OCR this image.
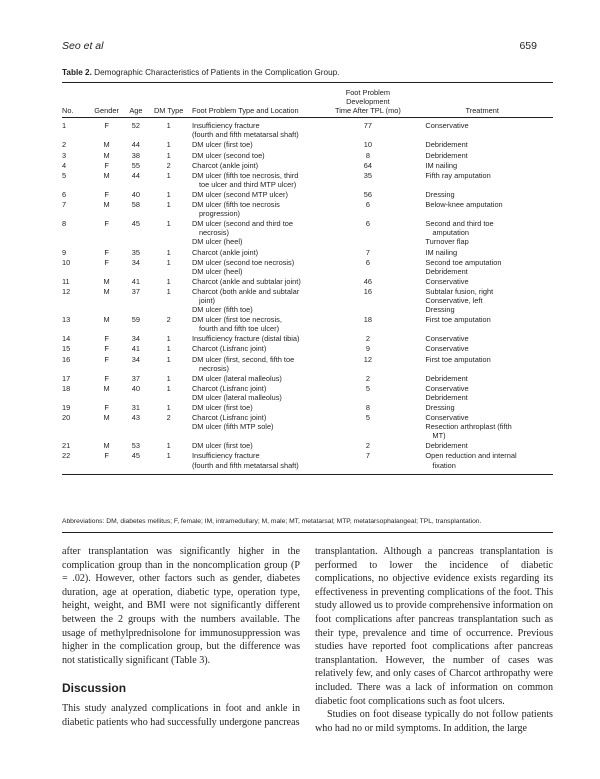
Seo et al	659
Table 2. Demographic Characteristics of Patients in the Complication Group.
No.	Gender	Age	DM Type	Foot Problem Type and Location	Foot Problem Development
Time After TPL (mo)	Treatment
1	F	52	1	Insufficiency fracture
(fourth and fifth metatarsal shaft)	77	Conservative

2	M	44	1	DM ulcer (first toe)	10	Debridement

3	M	38	1	DM ulcer (second toe)	8	Debridement

4	F	55	2	Charcot (ankle joint)	64	IM nailing

5	M	44	1	DM ulcer (fifth toe necrosis, third
toe ulcer and third MTP ulcer)	35	Fifth ray amputation

6	F	40	1	DM ulcer (second MTP ulcer)	56	Dressing

7	M	58	1	DM ulcer (fifth toe necrosis
progression)	6	Below-knee amputation

8	F	45	1	DM ulcer (second and third toe
necrosis)
DM ulcer (heel)	6	Second and third toe
amputation
Turnover flap

9	F	35	1	Charcot (ankle joint)	7	IM nailing

10	F	34	1	DM ulcer (second toe necrosis)
DM ulcer (heel)	6	Second toe amputation
Debridement

11	M	41	1	Charcot (ankle and subtalar joint)	46	Conservative

12	M	37	1	Charcot (both ankle and subtalar
joint)
DM ulcer (fifth toe)	16	Subtalar fusion, right
Conservative, left
Dressing

13	M	59	2	DM ulcer (first toe necrosis,
fourth and fifth toe ulcer)	18	First toe amputation

14	F	34	1	Insufficiency fracture (distal tibia)	2	Conservative

15	F	41	1	Charcot (Lisfranc joint)	9	Conservative

16	F	34	1	DM ulcer (first, second, fifth toe
necrosis)	12	First toe amputation

17	F	37	1	DM ulcer (lateral malleolus)	2	Debridement

18	M	40	1	Charcot (Lisfranc joint)
DM ulcer (lateral malleolus)	5	Conservative
Debridement

19	F	31	1	DM ulcer (first toe)	8	Dressing

20	M	43	2	Charcot (Lisfranc joint)
DM ulcer (fifth MTP sole)	5	Conservative
Resection arthroplast (fifth
MT)

21	M	53	1	DM ulcer (first toe)	2	Debridement

22	F	45	1	Insufficiency fracture
(fourth and fifth metatarsal shaft)	7	Open reduction and internal
fixation
Abbreviations: DM, diabetes mellitus; F, female; IM, intramedullary; M, male; MT, metatarsal; MTP, metatarsophalangeal; TPL, transplantation.

after transplantation was significantly higher in the complication group than in the noncomplication group (P = .02). However, other factors such as gender, diabetes duration, age at operation, diabetic type, operation type, height, weight, and BMI were not significantly different between the 2 groups with the numbers available. The usage of methylprednisolone for immunosuppression was higher in the complication group, but the difference was not statistically significant (Table 3).

Discussion

This study analyzed complications in foot and ankle in diabetic patients who had successfully undergone pancreas

transplantation. Although a pancreas transplantation is performed to lower the incidence of diabetic complications, no objective evidence exists regarding its effectiveness in preventing complications of the foot. This study allowed us to provide comprehensive information on foot complications after pancreas transplantation such as their type, prevalence and time of occurrence. Previous studies have reported foot complications after pancreas transplantation. However, the number of cases was relatively few, and only cases of Charcot arthropathy were included. There was a lack of information on common diabetic foot complications such as foot ulcers.

Studies on foot disease typically do not follow patients who had no or mild symptoms. In addition, the large
